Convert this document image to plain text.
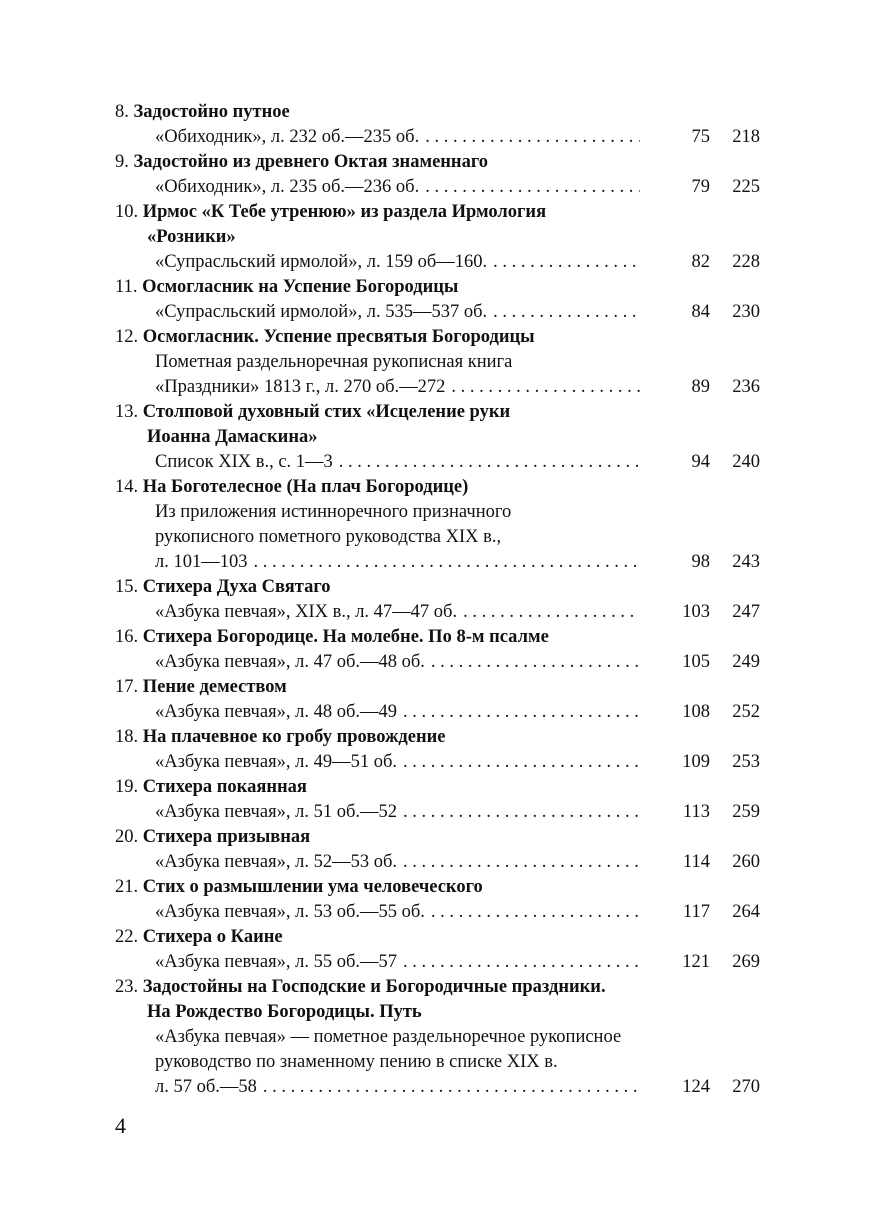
8. Задостойно путное
«Обиходник», л. 232 об.—235 об. . . .	75	218
9. Задостойно из древнего Октая знаменнаго
«Обиходник», л. 235 об.—236 об. . . .	79	225
10. Ирмос «К Тебе утренюю» из раздела Ирмология
«Розники»
«Супрасльский ирмолой», л. 159 об—160. . . .	82	228
11. Осмогласник на Успение Богородицы
«Супрасльский ирмолой», л. 535—537 об. . . .	84	230
12. Осмогласник. Успение пресвятыя Богородицы
Пометная раздельноречная рукописная книга
«Праздники» 1813 г., л. 270 об.—272 . . .	89	236
13. Столповой духовный стих «Исцеление руки
Иоанна Дамаскина»
Список XIX в., с. 1—3 . . .	94	240
14. На Боготелесное (На плач Богородице)
Из приложения истинноречного призначного
рукописного пометного руководства XIX в.,
л. 101—103 . . .	98	243
15. Стихера Духа Святаго
«Азбука певчая», XIX в., л. 47—47 об. . . .	103	247
16. Стихера Богородице. На молебне. По 8-м псалме
«Азбука певчая», л. 47 об.—48 об. . . .	105	249
17. Пение демеством
«Азбука певчая», л. 48 об.—49 . . .	108	252
18. На плачевное ко гробу провождение
«Азбука певчая», л. 49—51 об. . . .	109	253
19. Стихера покаянная
«Азбука певчая», л. 51 об.—52 . . .	113	259
20. Стихера призывная
«Азбука певчая», л. 52—53 об. . . .	114	260
21. Стих о размышлении ума человеческого
«Азбука певчая», л. 53 об.—55 об. . . .	117	264
22. Стихера о Каине
«Азбука певчая», л. 55 об.—57 . . .	121	269
23. Задостойны на Господские и Богородичные праздники.
На Рождество Богородицы. Путь
«Азбука певчая» — пометное раздельноречное рукописное
руководство по знаменному пению в списке XIX в.
л. 57 об.—58 . . .	124	270
4
